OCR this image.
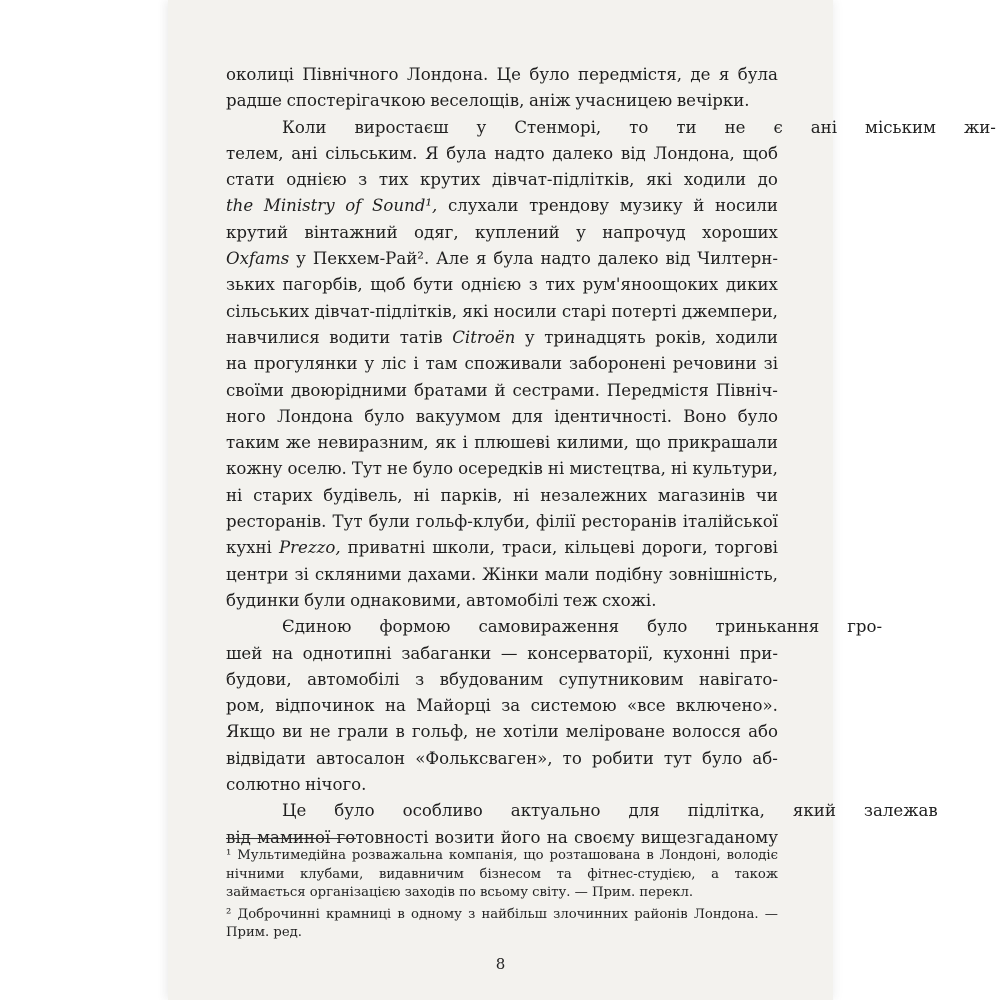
околиці Північного Лондона. Це було передмістя, де я була
радше спостерігачкою веселощів, аніж учасницею вечірки.
Коли	виростаєш	у	Стенморі,	то	ти	не	є	ані	міським	жи-
телем, ані сільським. Я була надто далеко від Лондона, щоб
стати однією з тих крутих дівчат-підлітків, які ходили до
the Ministry of Sound¹, слухали трендову музику й носили
крутий вінтажний одяг, куплений у напрочуд хороших
Oxfams у Пекхем-Рай². Але я була надто далеко від Чилтерн-
зьких пагорбів, щоб бути однією з тих рум'яноощоких диких
сільських дівчат-підлітків, які носили старі потерті джемпери,
навчилися водити татів Citroën у тринадцять років, ходили
на прогулянки у ліс і там споживали заборонені речовини зі
своїми двоюрідними братами й сестрами. Передмістя Північ-
ного Лондона було вакуумом для ідентичності. Воно було
таким же невиразним, як і плюшеві килими, що прикрашали
кожну оселю. Тут не було осередків ні мистецтва, ні культури,
ні старих будівель, ні парків, ні незалежних магазинів чи
ресторанів. Тут були гольф-клуби, філії ресторанів італійської
кухні Prezzo, приватні школи, траси, кільцеві дороги, торгові
центри зі скляними дахами. Жінки мали подібну зовнішність,
будинки були однаковими, автомобілі теж схожі.
Єдиною	формою	самовираження	було	тринькання	гро-
шей на однотипні забаганки — консерваторії, кухонні при-
будови, автомобілі з вбудованим супутниковим навігато-
ром, відпочинок на Майорці за системою «все включено».
Якщо ви не грали в гольф, не хотіли мелірoване волосся або
відвідати автосалон «Фольксваген», то робити тут було аб-
солютно нічого.
Це	було	особливо	актуально	для	підлітка,	який	залежав
від маминої готовності возити його на своєму вищезгаданому

¹ Мультимедійна розважальна компанія, що розташована в Лондоні, володіє нічними клубами, видавничим бізнесом та фітнес-студією, а також займається організацією заходів по всьому світу. — Прим. перекл.

² Доброчинні крамниці в одному з найбільш злочинних районів Лондона. — Прим. ред.

8
